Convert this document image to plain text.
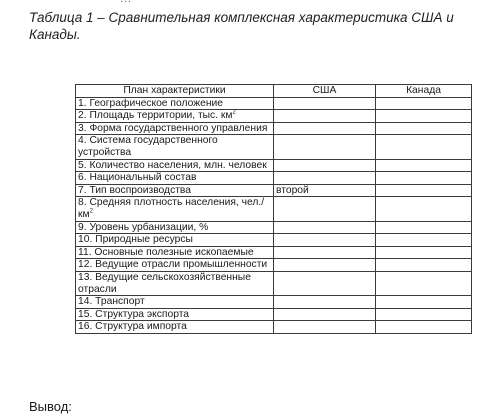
Таблица 1 – Сравнительная комплексная характеристика США и Канады.
План характеристики	США	Канада
1. Географическое положение		
2. Площадь территории, тыс. $км^2$		
3. Форма государственного управления		
4. Система государственного устройства		
5. Количество населения, млн. человек		
6. Национальный состав		
7. Тип воспроизводства	второй	
8. Средняя плотность населения, $чел./км^2$		
9. Уровень урбанизации, %		
10. Природные ресурсы		
11. Основные полезные ископаемые		
12. Ведущие отрасли промышленности		
13. Ведущие сельскохозяйственные отрасли		
14. Транспорт		
15. Структура экспорта		
16. Структура импорта		
Вывод:
